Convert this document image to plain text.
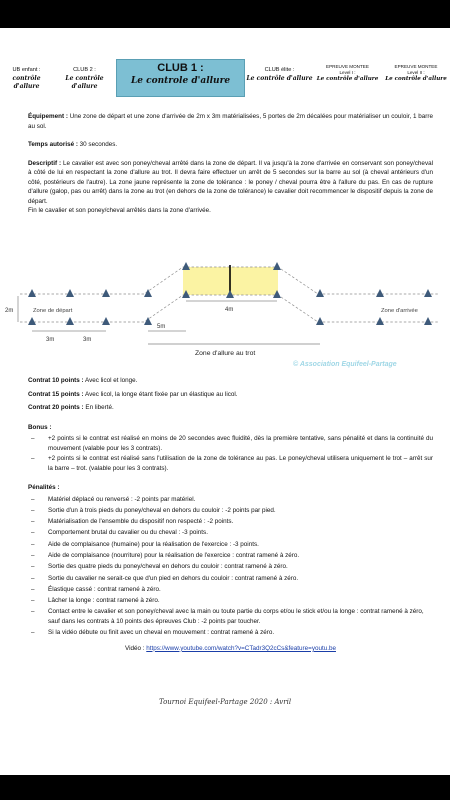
UB enfant :
contrôle d'allure
CLUB 2 :
Le contrôle d'allure
CLUB 1 :
Le controle d'allure
CLUB élite :
Le contrôle d'allure
EPREUVE MONTEE
Level I :
Le contrôle d'allure
EPREUVE MONTEE
Level II :
Le contrôle d'allure

Équipement : Une zone de départ et une zone d'arrivée de 2m x 3m matérialisées, 5 portes de 2m décalées pour matérialiser un couloir, 1 barre au sol.

Temps autorisé : 30 secondes.

Descriptif : Le cavalier est avec son poney/cheval arrêté dans la zone de départ. Il va jusqu'à la zone d'arrivée en conservant son poney/cheval à côté de lui en respectant la zone d'allure au trot. Il devra faire effectuer un arrêt de 5 secondes sur la barre au sol (à cheval antérieurs d'un côté, postérieurs de l'autre). La zone jaune représente la zone de tolérance : le poney / cheval pourra être à l'allure du pas. En cas de rupture d'allure (galop, pas ou arrêt) dans la zone au trot (en dehors de la zone de tolérance) le cavalier doit recommencer le dispositif depuis la zone de départ.

Fin le cavalier et son poney/cheval arrêtés dans la zone d'arrivée.

Zone de départ	Zone d'arrivée
2m	4m
3m	3m
5m
Zone d'allure au trot
© Association Equifeel-Partage

Contrat 10 points : Avec licol et longe.

Contrat 15 points : Avec licol, la longe étant fixée par un élastique au licol.

Contrat 20 points : En liberté.

Bonus :

– +2 points si le contrat est réalisé en moins de 20 secondes avec fluidité, dès la première tentative, sans pénalité et dans la continuité du mouvement (valable pour les 3 contrats).
– +2 points si le contrat est réalisé sans l'utilisation de la zone de tolérance au pas. Le poney/cheval utilisera uniquement le trot – arrêt sur la barre – trot. (valable pour les 3 contrats).

Pénalités :

– Matériel déplacé ou renversé : -2 points par matériel.
– Sortie d'un à trois pieds du poney/cheval en dehors du couloir : -2 points par pied.
– Matérialisation de l'ensemble du dispositif non respecté : -2 points.
– Comportement brutal du cavalier ou du cheval : -3 points.
– Aide de complaisance (humaine) pour la réalisation de l'exercice : -3 points.
– Aide de complaisance (nourriture) pour la réalisation de l'exercice : contrat ramené à zéro.
– Sortie des quatre pieds du poney/cheval en dehors du couloir : contrat ramené à zéro.
– Sortie du cavalier ne serait-ce que d'un pied en dehors du couloir : contrat ramené à zéro.
– Élastique cassé : contrat ramené à zéro.
– Lâcher la longe : contrat ramené à zéro.
– Contact entre le cavalier et son poney/cheval avec la main ou toute partie du corps et/ou le stick et/ou la longe : contrat ramené à zéro, sauf dans les contrats à 10 points des épreuves Club : -2 points par toucher.
– Si la vidéo débute ou finit avec un cheval en mouvement : contrat ramené à zéro.

Vidéo : https://www.youtube.com/watch?v=CTadr3Q2cCs&feature=youtu.be

Tournoi Equifeel-Partage 2020 : Avril
